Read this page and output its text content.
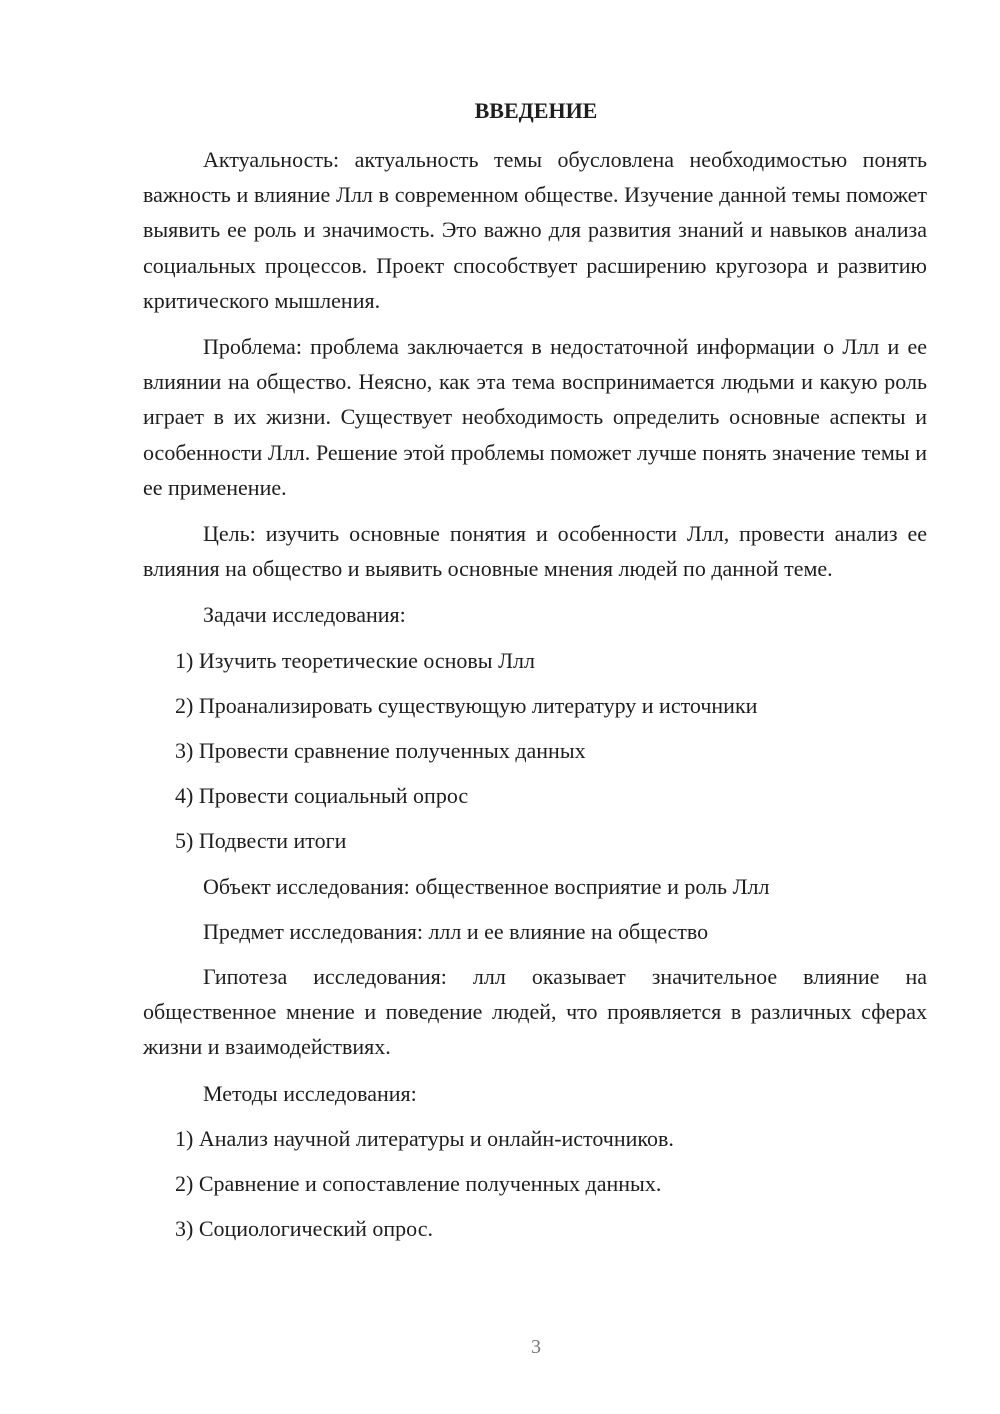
ВВЕДЕНИЕ

Актуальность: актуальность темы обусловлена необходимостью понять важность и влияние Ллл в современном обществе. Изучение данной темы поможет выявить ее роль и значимость. Это важно для развития знаний и навыков анализа социальных процессов. Проект способствует расширению кругозора и развитию критического мышления.

Проблема: проблема заключается в недостаточной информации о Ллл и ее влиянии на общество. Неясно, как эта тема воспринимается людьми и какую роль играет в их жизни. Существует необходимость определить основные аспекты и особенности Ллл. Решение этой проблемы поможет лучше понять значение темы и ее применение.

Цель: изучить основные понятия и особенности Ллл, провести анализ ее влияния на общество и выявить основные мнения людей по данной теме.

Задачи исследования:

1) Изучить теоретические основы Ллл

2) Проанализировать существующую литературу и источники

3) Провести сравнение полученных данных

4) Провести социальный опрос

5) Подвести итоги

Объект исследования: общественное восприятие и роль Ллл

Предмет исследования: ллл и ее влияние на общество

Гипотеза исследования: ллл оказывает значительное влияние на общественное мнение и поведение людей, что проявляется в различных сферах жизни и взаимодействиях.

Методы исследования:

1) Анализ научной литературы и онлайн-источников.

2) Сравнение и сопоставление полученных данных.

3) Социологический опрос.

3
